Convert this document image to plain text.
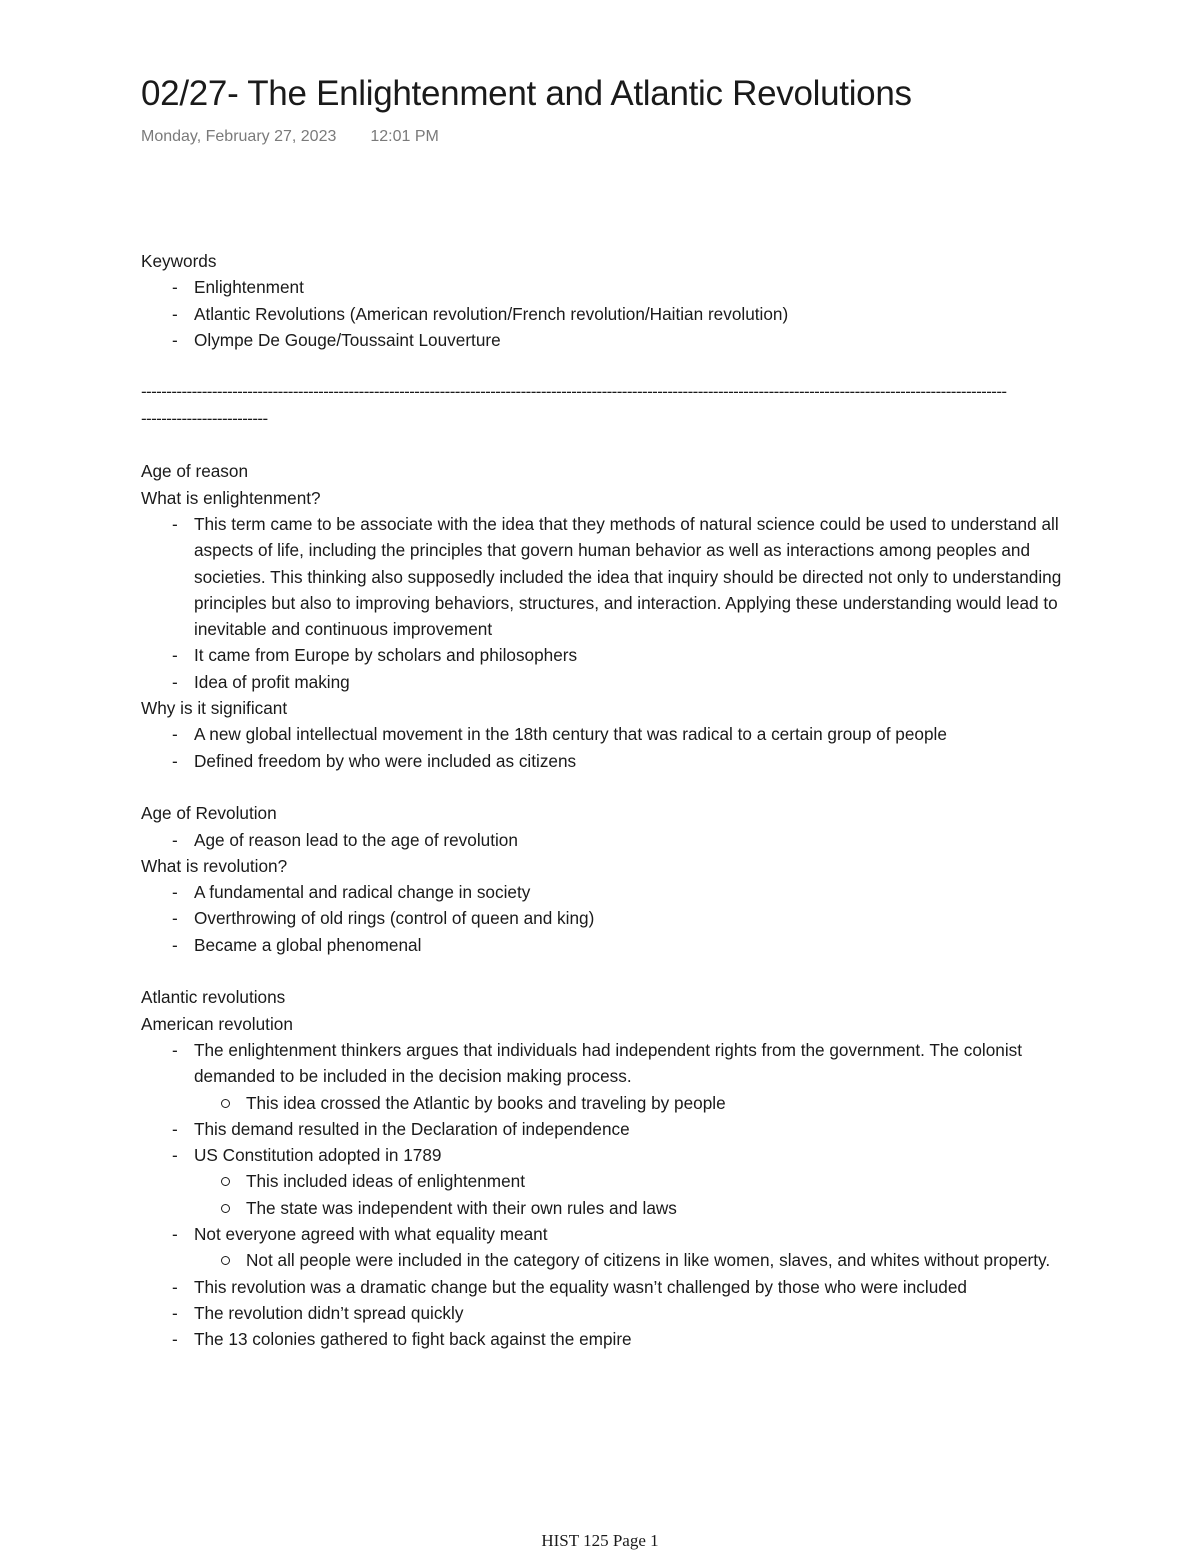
02/27- The Enlightenment and Atlantic Revolutions
Monday, February 27, 2023 12:01 PM

Keywords

- Enlightenment
- Atlantic Revolutions (American revolution/French revolution/Haitian revolution)
- Olympe De Gouge/Toussaint Louverture
---------------------------------------------------------------------------------------------------------------------------------------------------------------------------
-------------------------

Age of reason

What is enlightenment?

- This term came to be associate with the idea that they methods of natural science could be used to understand all aspects of life, including the principles that govern human behavior as well as interactions among peoples and societies. This thinking also supposedly included the idea that inquiry should be directed not only to understanding principles but also to improving behaviors, structures, and interaction. Applying these understanding would lead to inevitable and continuous improvement
- It came from Europe by scholars and philosophers
- Idea of profit making

Why is it significant

- A new global intellectual movement in the 18th century that was radical to a certain group of people
- Defined freedom by who were included as citizens

Age of Revolution

- Age of reason lead to the age of revolution

What is revolution?

- A fundamental and radical change in society
- Overthrowing of old rings (control of queen and king)
- Became a global phenomenal

Atlantic revolutions

American revolution

- The enlightenment thinkers argues that individuals had independent rights from the government. The colonist demanded to be included in the decision making process.
This idea crossed the Atlantic by books and traveling by people
- This demand resulted in the Declaration of independence
- US Constitution adopted in 1789
This included ideas of enlightenment
The state was independent with their own rules and laws
- Not everyone agreed with what equality meant
Not all people were included in the category of citizens in like women, slaves, and whites without property.
- This revolution was a dramatic change but the equality wasn’t challenged by those who were included
- The revolution didn’t spread quickly
- The 13 colonies gathered to fight back against the empire
HIST 125 Page 1
